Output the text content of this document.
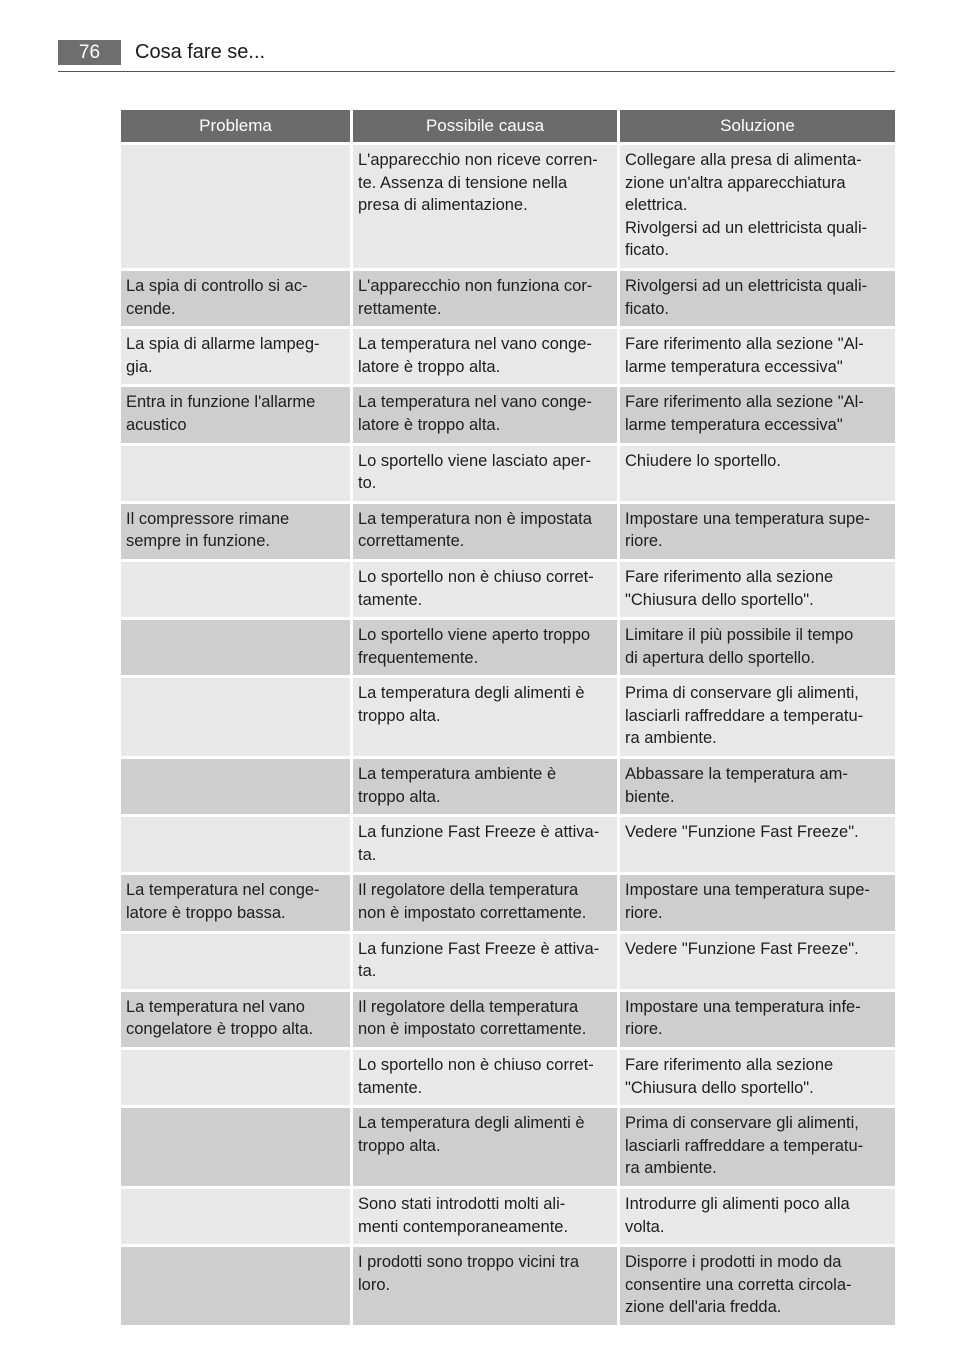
76	Cosa fare se...
Problema	Possibile causa	Soluzione

	L'apparecchio non riceve corren-
te. Assenza di tensione nella
presa di alimentazione.	Collegare alla presa di alimenta-
zione un'altra apparecchiatura
elettrica.
Rivolgersi ad un elettricista quali-
ficato.

La spia di controllo si ac-
cende.	L'apparecchio non funziona cor-
rettamente.	Rivolgersi ad un elettricista quali-
ficato.

La spia di allarme lampeg-
gia.	La temperatura nel vano conge-
latore è troppo alta.	Fare riferimento alla sezione "Al-
larme temperatura eccessiva"

Entra in funzione l'allarme
acustico	La temperatura nel vano conge-
latore è troppo alta.	Fare riferimento alla sezione "Al-
larme temperatura eccessiva"

	Lo sportello viene lasciato aper-
to.	Chiudere lo sportello.

Il compressore rimane
sempre in funzione.	La temperatura non è impostata
correttamente.	Impostare una temperatura supe-
riore.

	Lo sportello non è chiuso corret-
tamente.	Fare riferimento alla sezione
"Chiusura dello sportello".

	Lo sportello viene aperto troppo
frequentemente.	Limitare il più possibile il tempo
di apertura dello sportello.

	La temperatura degli alimenti è
troppo alta.	Prima di conservare gli alimenti,
lasciarli raffreddare a temperatu-
ra ambiente.

	La temperatura ambiente è
troppo alta.	Abbassare la temperatura am-
biente.

	La funzione Fast Freeze è attiva-
ta.	Vedere "Funzione Fast Freeze".

La temperatura nel conge-
latore è troppo bassa.	Il regolatore della temperatura
non è impostato correttamente.	Impostare una temperatura supe-
riore.

	La funzione Fast Freeze è attiva-
ta.	Vedere "Funzione Fast Freeze".

La temperatura nel vano
congelatore è troppo alta.	Il regolatore della temperatura
non è impostato correttamente.	Impostare una temperatura infe-
riore.

	Lo sportello non è chiuso corret-
tamente.	Fare riferimento alla sezione
"Chiusura dello sportello".

	La temperatura degli alimenti è
troppo alta.	Prima di conservare gli alimenti,
lasciarli raffreddare a temperatu-
ra ambiente.

	Sono stati introdotti molti ali-
menti contemporaneamente.	Introdurre gli alimenti poco alla
volta.

	I prodotti sono troppo vicini tra
loro.	Disporre i prodotti in modo da
consentire una corretta circola-
zione dell'aria fredda.
